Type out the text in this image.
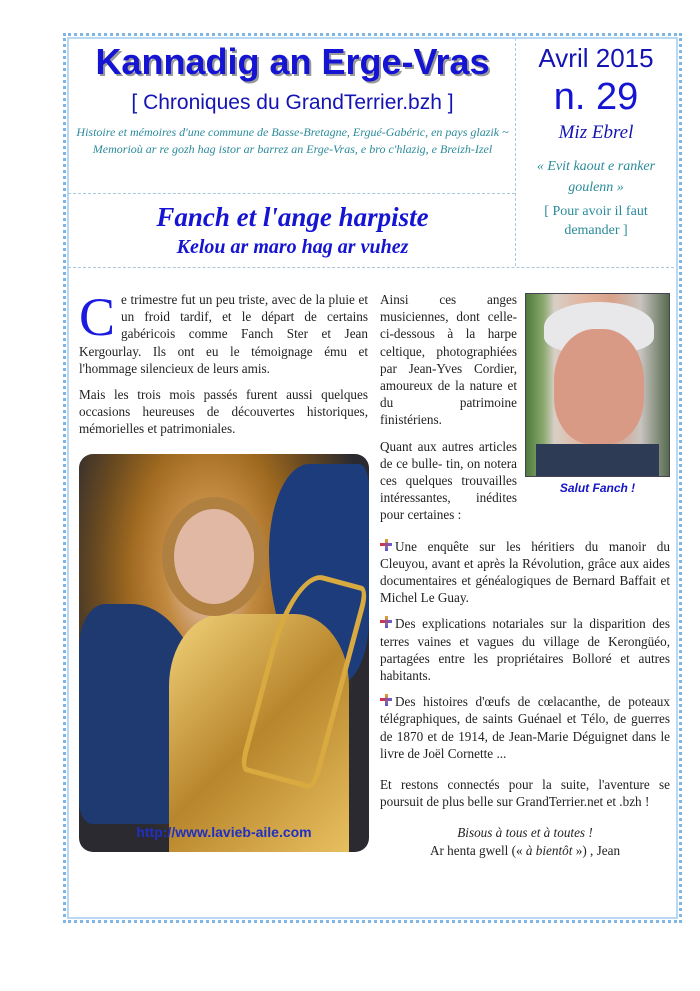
Kannadig an Erge-Vras
[ Chroniques du GrandTerrier.bzh ]
Histoire et mémoires d'une commune de Basse-Bretagne, Ergué-Gabéric, en pays glazik ~ Memorioù ar re gozh hag istor ar barrez an Erge-Vras, e bro c'hlazig, e Breizh-Izel
Avril 2015
n. 29
Miz Ebrel
« Evit kaout e ranker goulenn »
[ Pour avoir il faut demander ]
Fanch et l'ange harpiste
Kelou ar maro hag ar vuhez

Ce trimestre fut un peu triste, avec de la pluie et un froid tardif, et le départ de certains gabéricois comme Fanch Ster et Jean Kergourlay. Ils ont eu le témoignage ému et l'hommage silencieux de leurs amis.

Mais les trois mois passés furent aussi quelques occasions heureuses de découvertes historiques, mémorielles et patrimoniales.

http://www.lavieb-aile.com
Salut Fanch !

Ainsi ces anges musiciennes, dont celle-ci-dessous à la harpe celtique, photographiées par Jean-Yves Cordier, amoureux de la nature et du patrimoine finistériens.

Quant aux autres articles de ce bulle- tin, on notera ces quelques trouvailles intéressantes, inédites pour certaines :

Une enquête sur les héritiers du manoir du Cleuyou, avant et après la Révolution, grâce aux aides documentaires et généalogiques de Bernard Baffait et Michel Le Guay.

Des explications notariales sur la disparition des terres vaines et vagues du village de Kerongüéo, partagées entre les propriétaires Bolloré et autres habitants.

Des histoires d'œufs de cœlacanthe, de poteaux télégraphiques, de saints Guénael et Télo, de guerres de 1870 et de 1914, de Jean-Marie Déguignet dans le livre de Joël Cornette ...

Et restons connectés pour la suite, l'aventure se poursuit de plus belle sur GrandTerrier.net et .bzh !

Bisous à tous et à toutes !
Ar henta gwell (« à bientôt ») , Jean
